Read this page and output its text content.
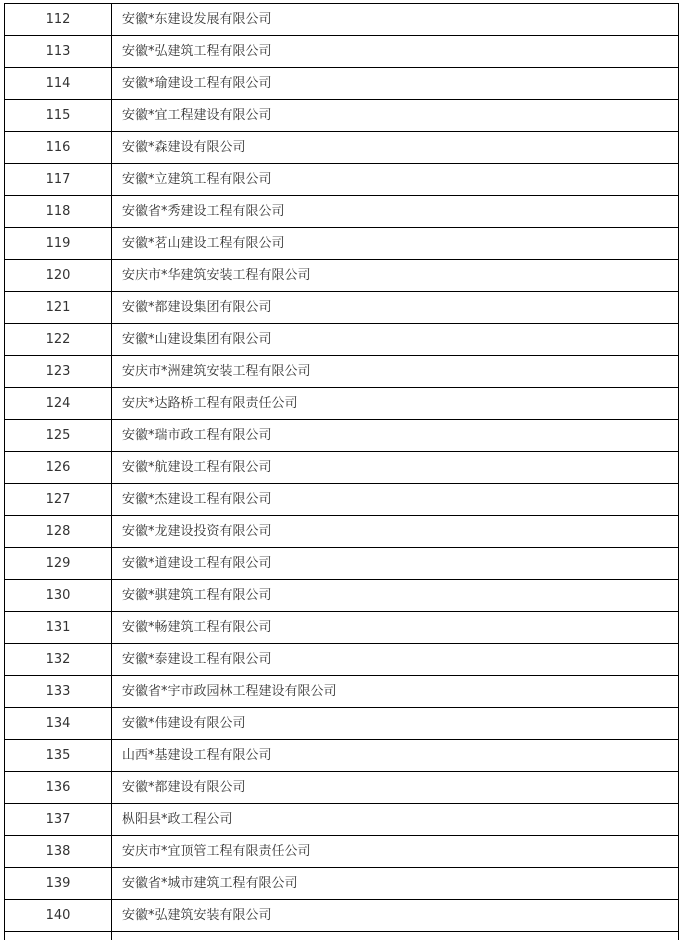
112	安徽*东建设发展有限公司
113	安徽*弘建筑工程有限公司
114	安徽*瑜建设工程有限公司
115	安徽*宜工程建设有限公司
116	安徽*森建设有限公司
117	安徽*立建筑工程有限公司
118	安徽省*秀建设工程有限公司
119	安徽*茗山建设工程有限公司
120	安庆市*华建筑安装工程有限公司
121	安徽*都建设集团有限公司
122	安徽*山建设集团有限公司
123	安庆市*洲建筑安装工程有限公司
124	安庆*达路桥工程有限责任公司
125	安徽*瑞市政工程有限公司
126	安徽*航建设工程有限公司
127	安徽*杰建设工程有限公司
128	安徽*龙建设投资有限公司
129	安徽*道建设工程有限公司
130	安徽*骐建筑工程有限公司
131	安徽*畅建筑工程有限公司
132	安徽*泰建设工程有限公司
133	安徽省*宇市政园林工程建设有限公司
134	安徽*伟建设有限公司
135	山西*基建设工程有限公司
136	安徽*都建设有限公司
137	枞阳县*政工程公司
138	安庆市*宜顶管工程有限责任公司
139	安徽省*城市建筑工程有限公司
140	安徽*弘建筑安装有限公司
